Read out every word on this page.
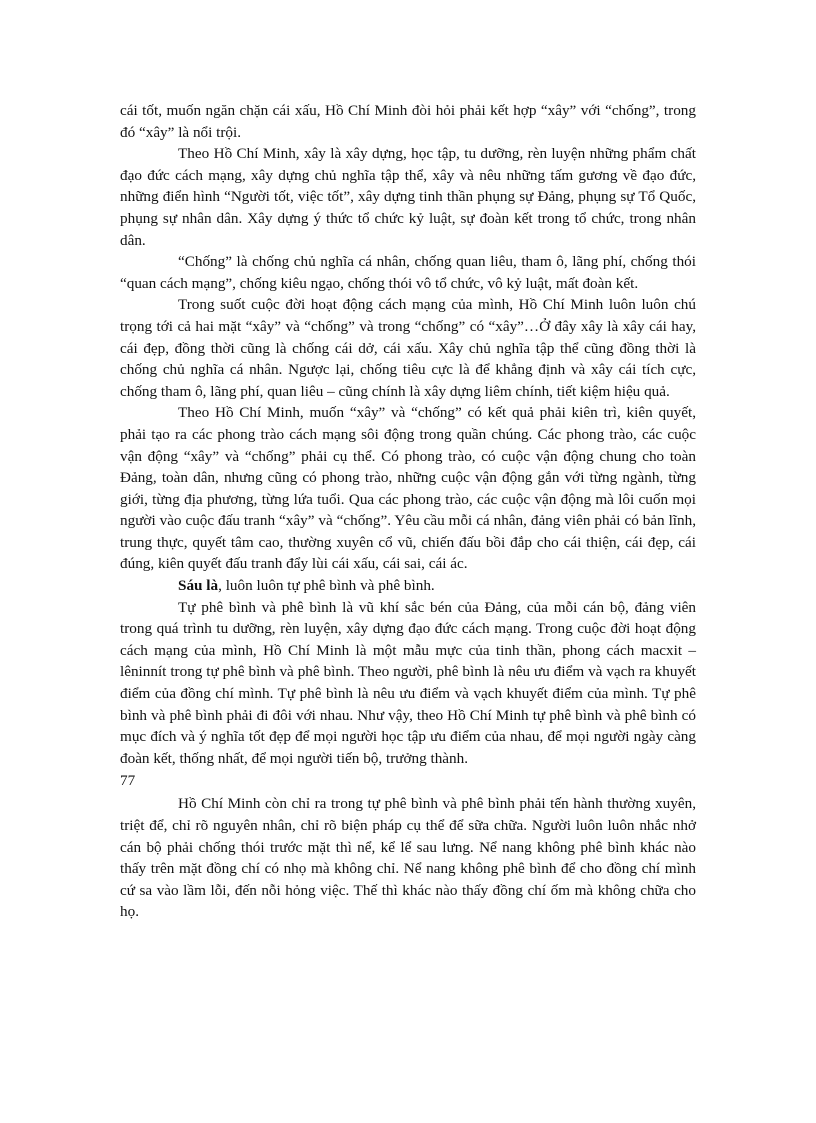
cái tốt, muốn ngăn chặn cái xấu, Hồ Chí Minh đòi hỏi phải kết hợp “xây” với “chống”, trong đó “xây” là nổi trội.

Theo Hồ Chí Minh, xây là xây dựng, học tập, tu dưỡng, rèn luyện những phẩm chất đạo đức cách mạng, xây dựng chủ nghĩa tập thể, xây và nêu những tấm gương về đạo đức, những điển hình “Người tốt, việc tốt”, xây dựng tinh thần phụng sự Đảng, phụng sự Tổ Quốc, phụng sự nhân dân. Xây dựng ý thức tổ chức kỷ luật, sự đoàn kết trong tổ chức, trong nhân dân.

“Chống” là chống chủ nghĩa cá nhân, chống quan liêu, tham ô, lãng phí, chống thói “quan cách mạng”, chống kiêu ngạo, chống thói vô tổ chức, vô kỷ luật, mất đoàn kết.

Trong suốt cuộc đời hoạt động cách mạng của mình, Hồ Chí Minh luôn luôn chú trọng tới cả hai mặt “xây” và “chống” và trong “chống” có “xây”…Ở đây xây là xây cái hay, cái đẹp, đồng thời cũng là chống cái dở, cái xấu. Xây chủ nghĩa tập thể cũng đồng thời là chống chủ nghĩa cá nhân. Ngược lại, chống tiêu cực là để khẳng định và xây cái tích cực, chống tham ô, lãng phí, quan liêu – cũng chính là xây dựng liêm chính, tiết kiệm hiệu quả.

Theo Hồ Chí Minh, muốn “xây” và “chống” có kết quả phải kiên trì, kiên quyết, phải tạo ra các phong trào cách mạng sôi động trong quần chúng. Các phong trào, các cuộc vận động “xây” và “chống” phải cụ thể. Có phong trào, có cuộc vận động chung cho toàn Đảng, toàn dân, nhưng cũng có phong trào, những cuộc vận động gắn với từng ngành, từng giới, từng địa phương, từng lứa tuổi. Qua các phong trào, các cuộc vận động mà lôi cuốn mọi người vào cuộc đấu tranh “xây” và “chống”. Yêu cầu mỗi cá nhân, đảng viên phải có bản lĩnh, trung thực, quyết tâm cao, thường xuyên cổ vũ, chiến đấu bồi đắp cho cái thiện, cái đẹp, cái đúng, kiên quyết đấu tranh đẩy lùi cái xấu, cái sai, cái ác.

Sáu là, luôn luôn tự phê bình và phê bình.

Tự phê bình và phê bình là vũ khí sắc bén của Đảng, của mỗi cán bộ, đảng viên trong quá trình tu dưỡng, rèn luyện, xây dựng đạo đức cách mạng. Trong cuộc đời hoạt động cách mạng của mình, Hồ Chí Minh là một mẫu mực của tinh thần, phong cách macxit – lêninnít trong tự phê bình và phê bình. Theo người, phê bình là nêu ưu điểm và vạch ra khuyết điểm của đồng chí mình. Tự phê bình là nêu ưu điểm và vạch khuyết điểm của mình. Tự phê bình và phê bình phải đi đôi với nhau. Như vậy, theo Hồ Chí Minh tự phê bình và phê bình có mục đích và ý nghĩa tốt đẹp để mọi người học tập ưu điểm của nhau, để mọi người ngày càng đoàn kết, thống nhất, để mọi người tiến bộ, trưởng thành.

77

Hồ Chí Minh còn chỉ ra trong tự phê bình và phê bình phải tến hành thường xuyên, triệt để, chỉ rõ nguyên nhân, chỉ rõ biện pháp cụ thể để sữa chữa. Người luôn luôn nhắc nhở cán bộ phải chống thói trước mặt thì nể, kể lể sau lưng. Nể nang không phê bình khác nào thấy trên mặt đồng chí có nhọ mà không chỉ. Nể nang không phê bình để cho đồng chí mình cứ sa vào lầm lỗi, đến nỗi hỏng việc. Thế thì khác nào thấy đồng chí ốm mà không chữa cho họ.
